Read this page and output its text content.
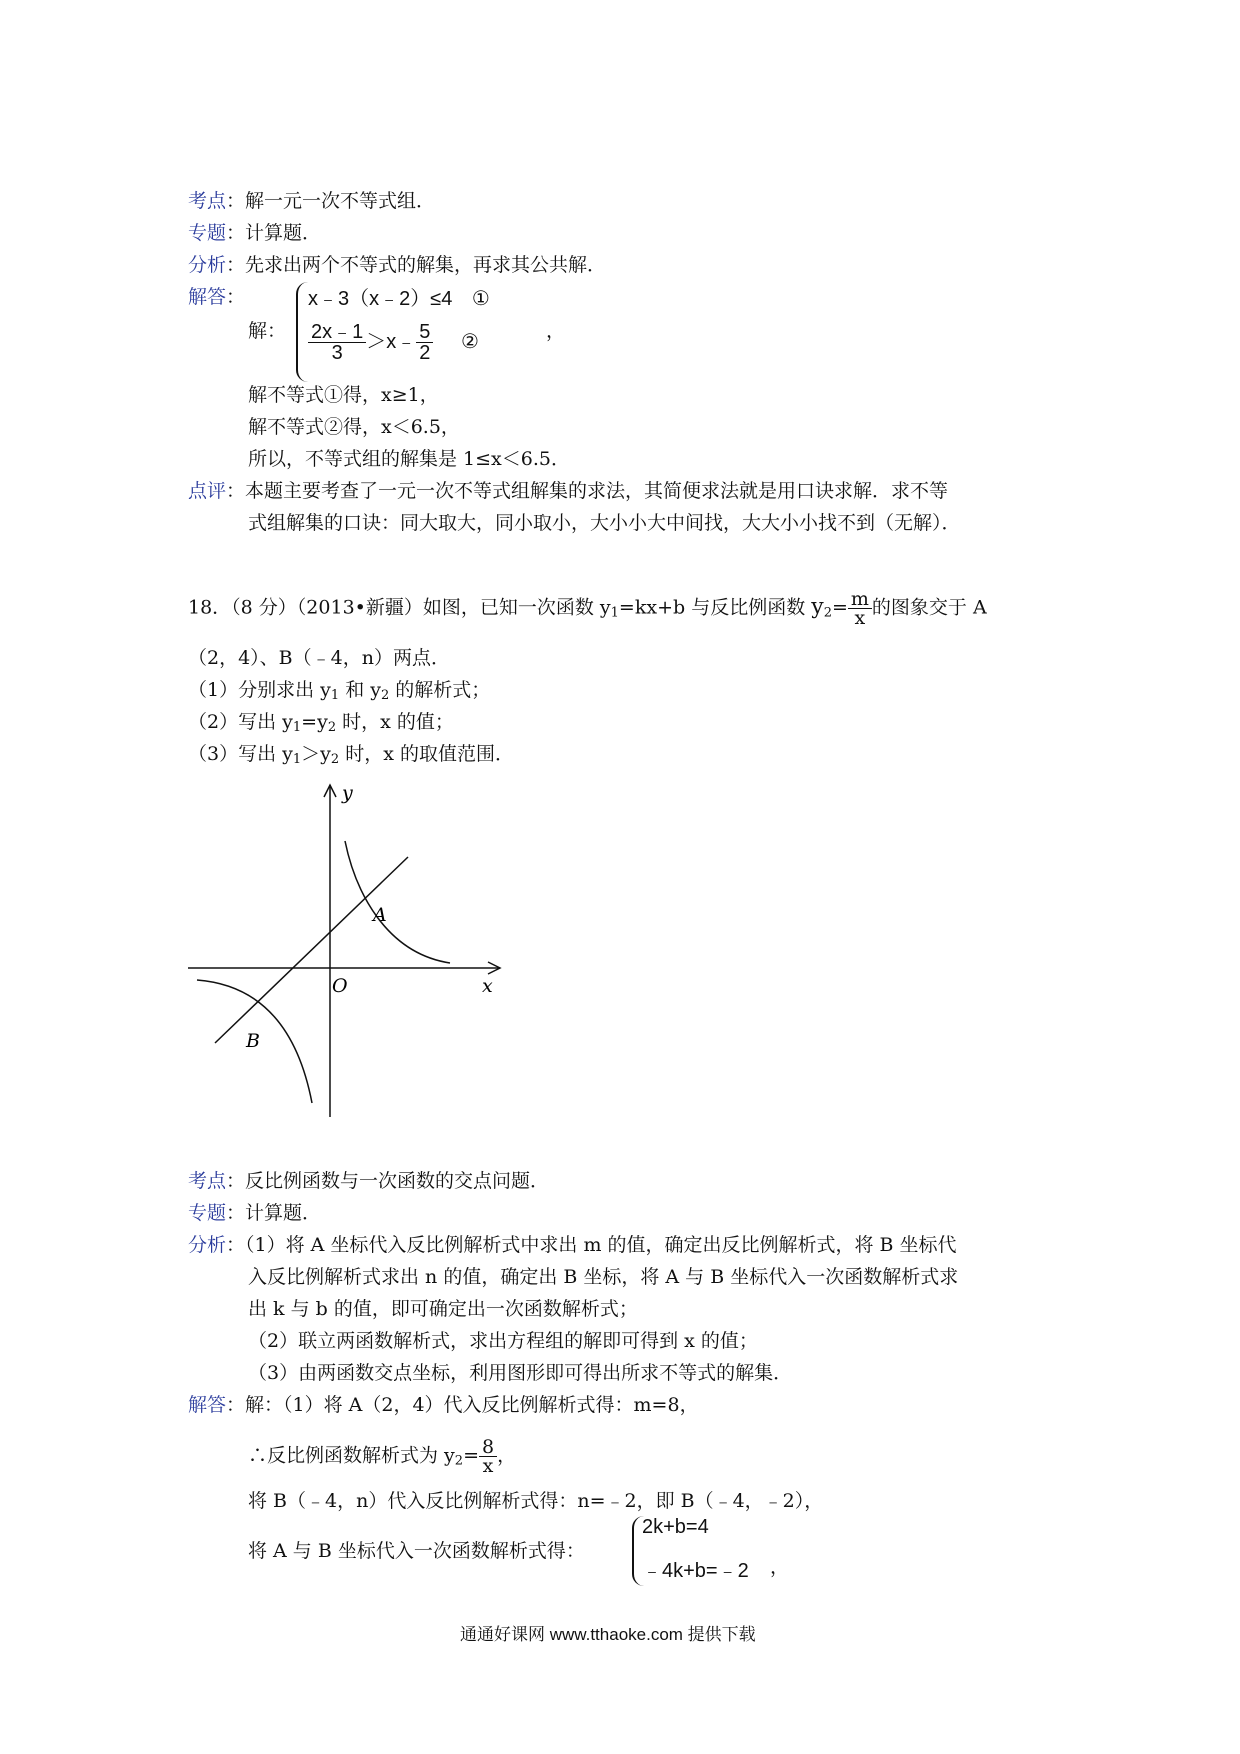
考点：解一元一次不等式组．
专题：计算题．
分析：先求出两个不等式的解集，再求其公共解．
解答：
解：
x﹣3（x﹣2）≤4 ①
$\frac{2x﹣1}{3}$ ＞x﹣ $\frac{5}{2}$ ②	，
解不等式①得，x≥1，
解不等式②得，x＜6.5，
所以，不等式组的解集是 1≤x＜6.5．
点评：本题主要考查了一元一次不等式组解集的求法，其简便求法就是用口诀求解．求不等
式组解集的口诀：同大取大，同小取小，大小小大中间找，大大小小找不到（无解）．
18．（8 分）（2013•新疆）如图，已知一次函数 $y_1=kx+b$ 与反比例函数 $y_2= \frac{m}{x}$ 的图象交于 A
（2，4）、B（﹣4，n）两点．
（1）分别求出 $y_1$ 和 $y_2$ 的解析式；
（2）写出 $y_1=y_2$ 时，x 的值；
（3）写出 $y_1>y_2$ 时，x 的取值范围．
y
x
O
A
B
考点：反比例函数与一次函数的交点问题．
专题：计算题．
分析：（1）将 A 坐标代入反比例解析式中求出 m 的值，确定出反比例解析式，将 B 坐标代
入反比例解析式求出 n 的值，确定出 B 坐标，将 A 与 B 坐标代入一次函数解析式求
出 k 与 b 的值，即可确定出一次函数解析式；
（2）联立两函数解析式，求出方程组的解即可得到 x 的值；
（3）由两函数交点坐标，利用图形即可得出所求不等式的解集．
解答：解：（1）将 A（2，4）代入反比例解析式得：m=8，
∴反比例函数解析式为 $y_2= \frac{8}{x}$ ，
将 B（﹣4，n）代入反比例解析式得：n=﹣2，即 B（﹣4，﹣2），
将 A 与 B 坐标代入一次函数解析式得：
2k+b=4
﹣4k+b=﹣2 ，
通通好课网 www.tthaoke.com 提供下载
